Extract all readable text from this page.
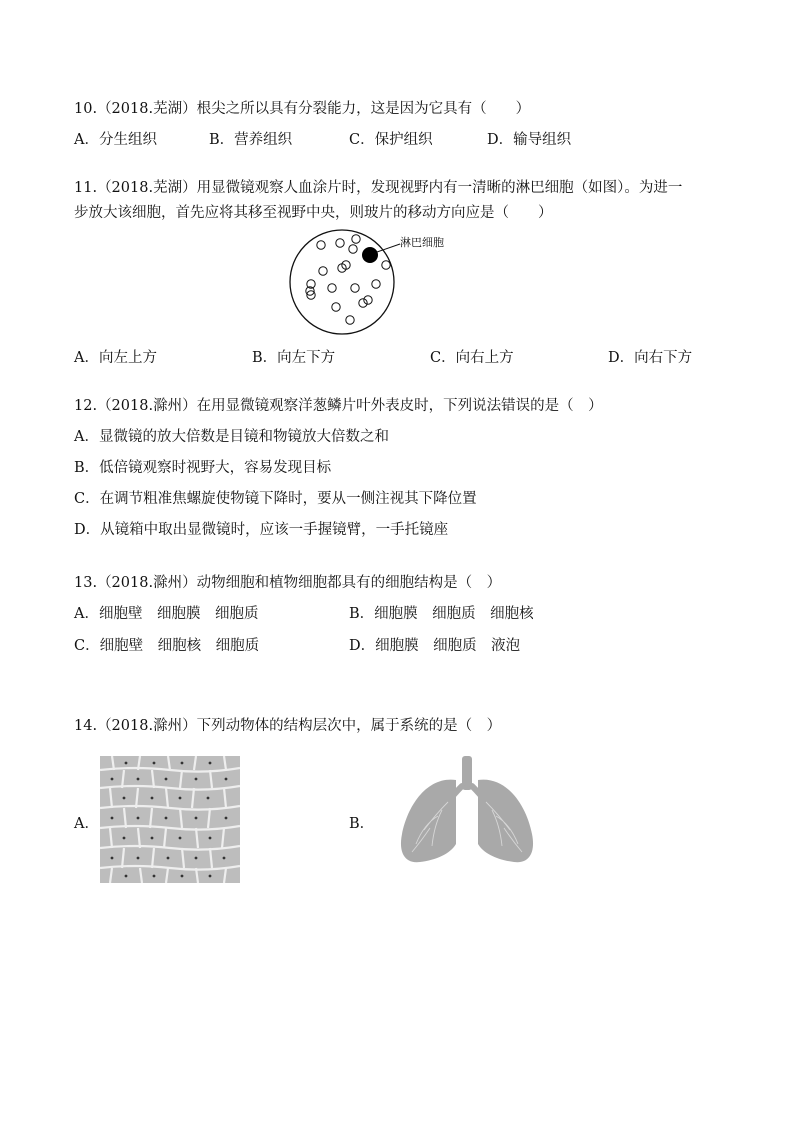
10.（2018.芜湖）根尖之所以具有分裂能力，这是因为它具有（　　）
A．分生组织	B．营养组织	C．保护组织	D．输导组织
11.（2018.芜湖）用显微镜观察人血涂片时，发现视野内有一清晰的淋巴细胞（如图）。为进一
步放大该细胞，首先应将其移至视野中央，则玻片的移动方向应是（　　）
淋巴细胞
A．向左上方	B．向左下方	C．向右上方	D．向右下方
12.（2018.滁州）在用显微镜观察洋葱鳞片叶外表皮时，下列说法错误的是（　）
A．显微镜的放大倍数是目镜和物镜放大倍数之和
B．低倍镜观察时视野大，容易发现目标
C．在调节粗准焦螺旋使物镜下降时，要从一侧注视其下降位置
D．从镜箱中取出显微镜时，应该一手握镜臂，一手托镜座
13.（2018.滁州）动物细胞和植物细胞都具有的细胞结构是（　）
A．细胞壁　细胞膜　细胞质	B．细胞膜　细胞质　细胞核
C．细胞壁　细胞核　细胞质	D．细胞膜　细胞质　液泡
14.（2018.滁州）下列动物体的结构层次中，属于系统的是（　）
A．	B．
